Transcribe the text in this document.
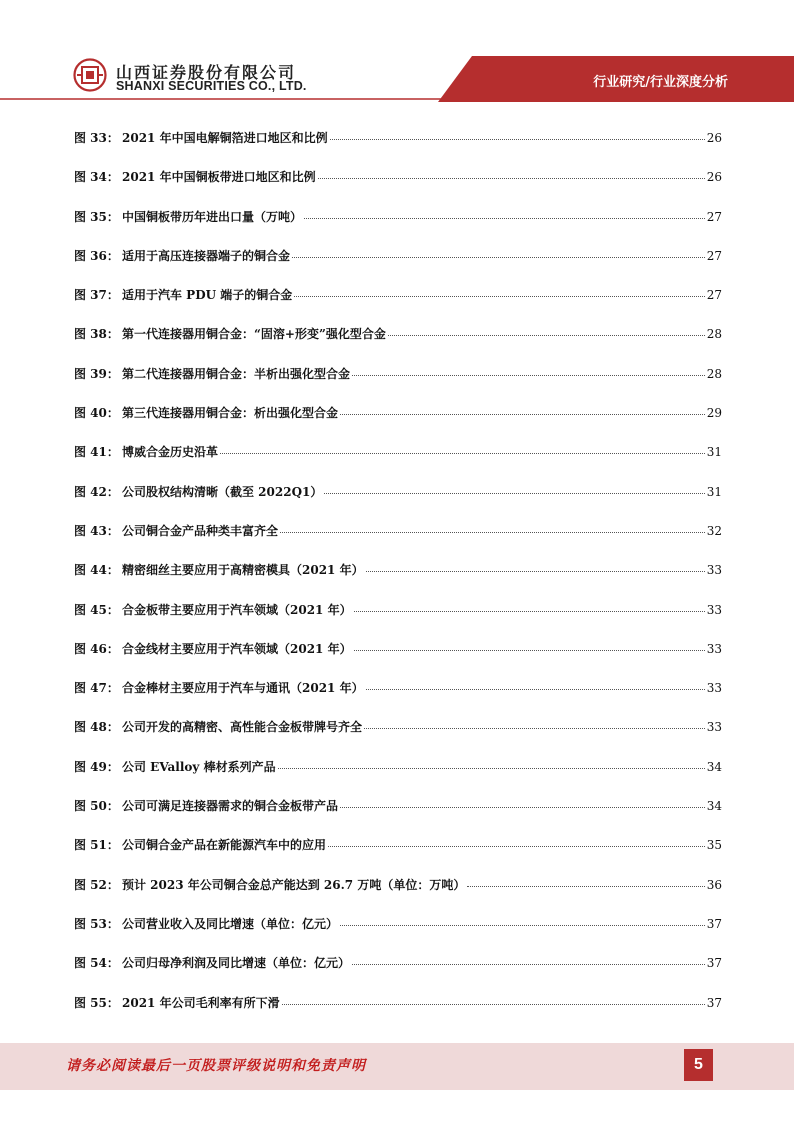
山西证券股份有限公司
SHANXI SECURITIES CO., LTD.	行业研究/行业深度分析
图 33： 2021 年中国电解铜箔进口地区和比例	26
图 34： 2021 年中国铜板带进口地区和比例	26
图 35： 中国铜板带历年进出口量（万吨）	27
图 36： 适用于高压连接器端子的铜合金	27
图 37： 适用于汽车 PDU 端子的铜合金	27
图 38： 第一代连接器用铜合金：“固溶+形变”强化型合金	28
图 39： 第二代连接器用铜合金：半析出强化型合金	28
图 40： 第三代连接器用铜合金：析出强化型合金	29
图 41： 博威合金历史沿革	31
图 42： 公司股权结构清晰（截至 2022Q1）	31
图 43： 公司铜合金产品种类丰富齐全	32
图 44： 精密细丝主要应用于高精密模具（2021 年）	33
图 45： 合金板带主要应用于汽车领域（2021 年）	33
图 46： 合金线材主要应用于汽车领域（2021 年）	33
图 47： 合金棒材主要应用于汽车与通讯（2021 年）	33
图 48： 公司开发的高精密、高性能合金板带牌号齐全	33
图 49： 公司 EValloy 棒材系列产品	34
图 50： 公司可满足连接器需求的铜合金板带产品	34
图 51： 公司铜合金产品在新能源汽车中的应用	35
图 52： 预计 2023 年公司铜合金总产能达到 26.7 万吨（单位：万吨）	36
图 53： 公司营业收入及同比增速（单位：亿元）	37
图 54： 公司归母净利润及同比增速（单位：亿元）	37
图 55： 2021 年公司毛利率有所下滑	37
请务必阅读最后一页股票评级说明和免责声明	5
